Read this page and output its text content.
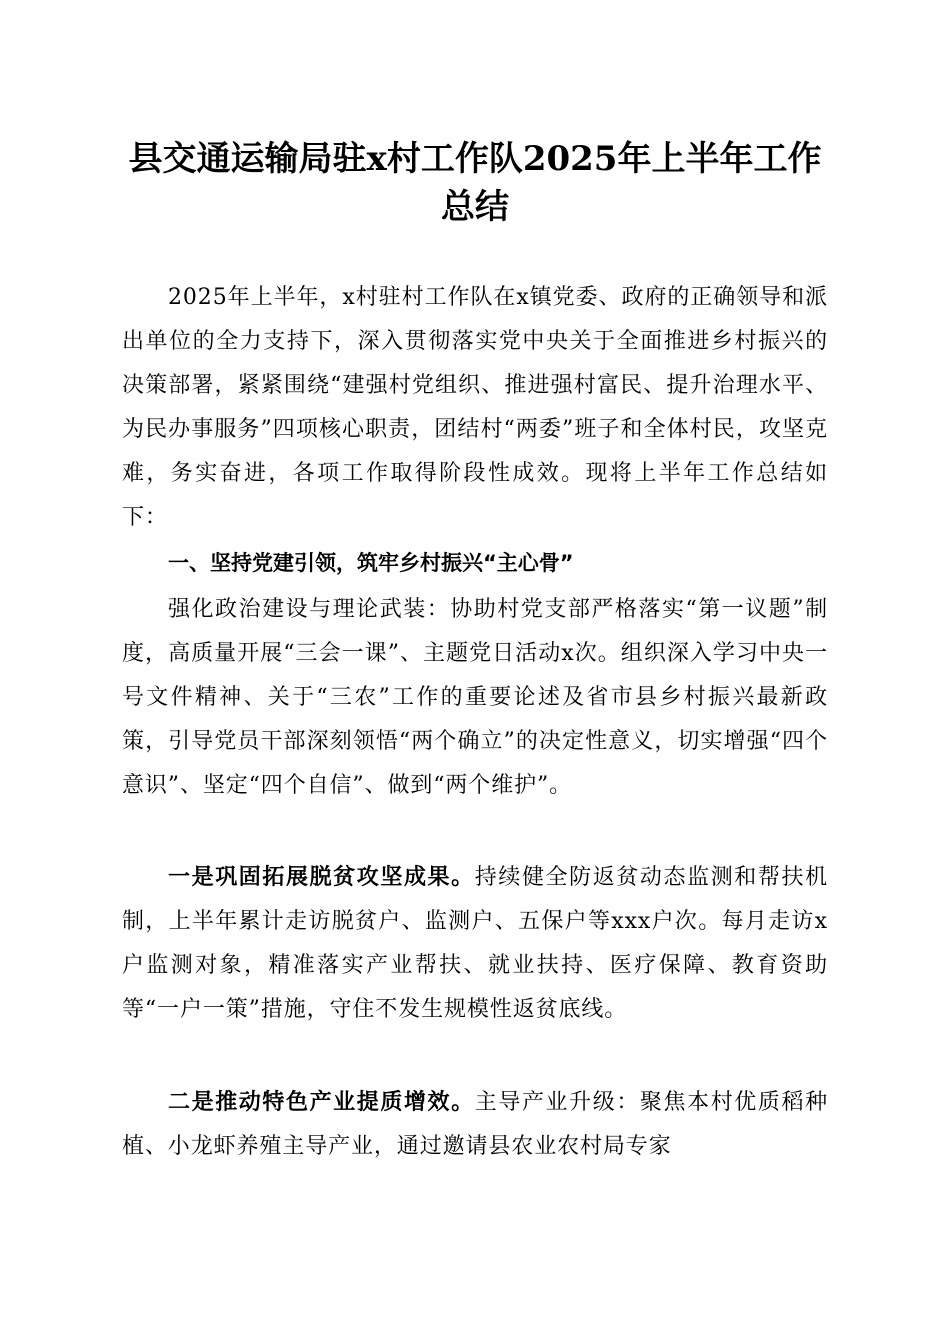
县交通运输局驻x村工作队2025年上半年工作总结

2025年上半年，x村驻村工作队在x镇党委、政府的正确领导和派出单位的全力支持下，深入贯彻落实党中央关于全面推进乡村振兴的决策部署，紧紧围绕“建强村党组织、推进强村富民、提升治理水平、为民办事服务”四项核心职责，团结村“两委”班子和全体村民，攻坚克难，务实奋进，各项工作取得阶段性成效。现将上半年工作总结如下：

一、坚持党建引领，筑牢乡村振兴“主心骨”

强化政治建设与理论武装：协助村党支部严格落实“第一议题”制度，高质量开展“三会一课”、主题党日活动x次。组织深入学习中央一号文件精神、关于“三农”工作的重要论述及省市县乡村振兴最新政策，引导党员干部深刻领悟“两个确立”的决定性意义，切实增强“四个意识”、坚定“四个自信”、做到“两个维护”。

一是巩固拓展脱贫攻坚成果。持续健全防返贫动态监测和帮扶机制，上半年累计走访脱贫户、监测户、五保户等xxx户次。每月走访x户监测对象，精准落实产业帮扶、就业扶持、医疗保障、教育资助等“一户一策”措施，守住不发生规模性返贫底线。

二是推动特色产业提质增效。主导产业升级：聚焦本村优质稻种植、小龙虾养殖主导产业，通过邀请县农业农村局专家
